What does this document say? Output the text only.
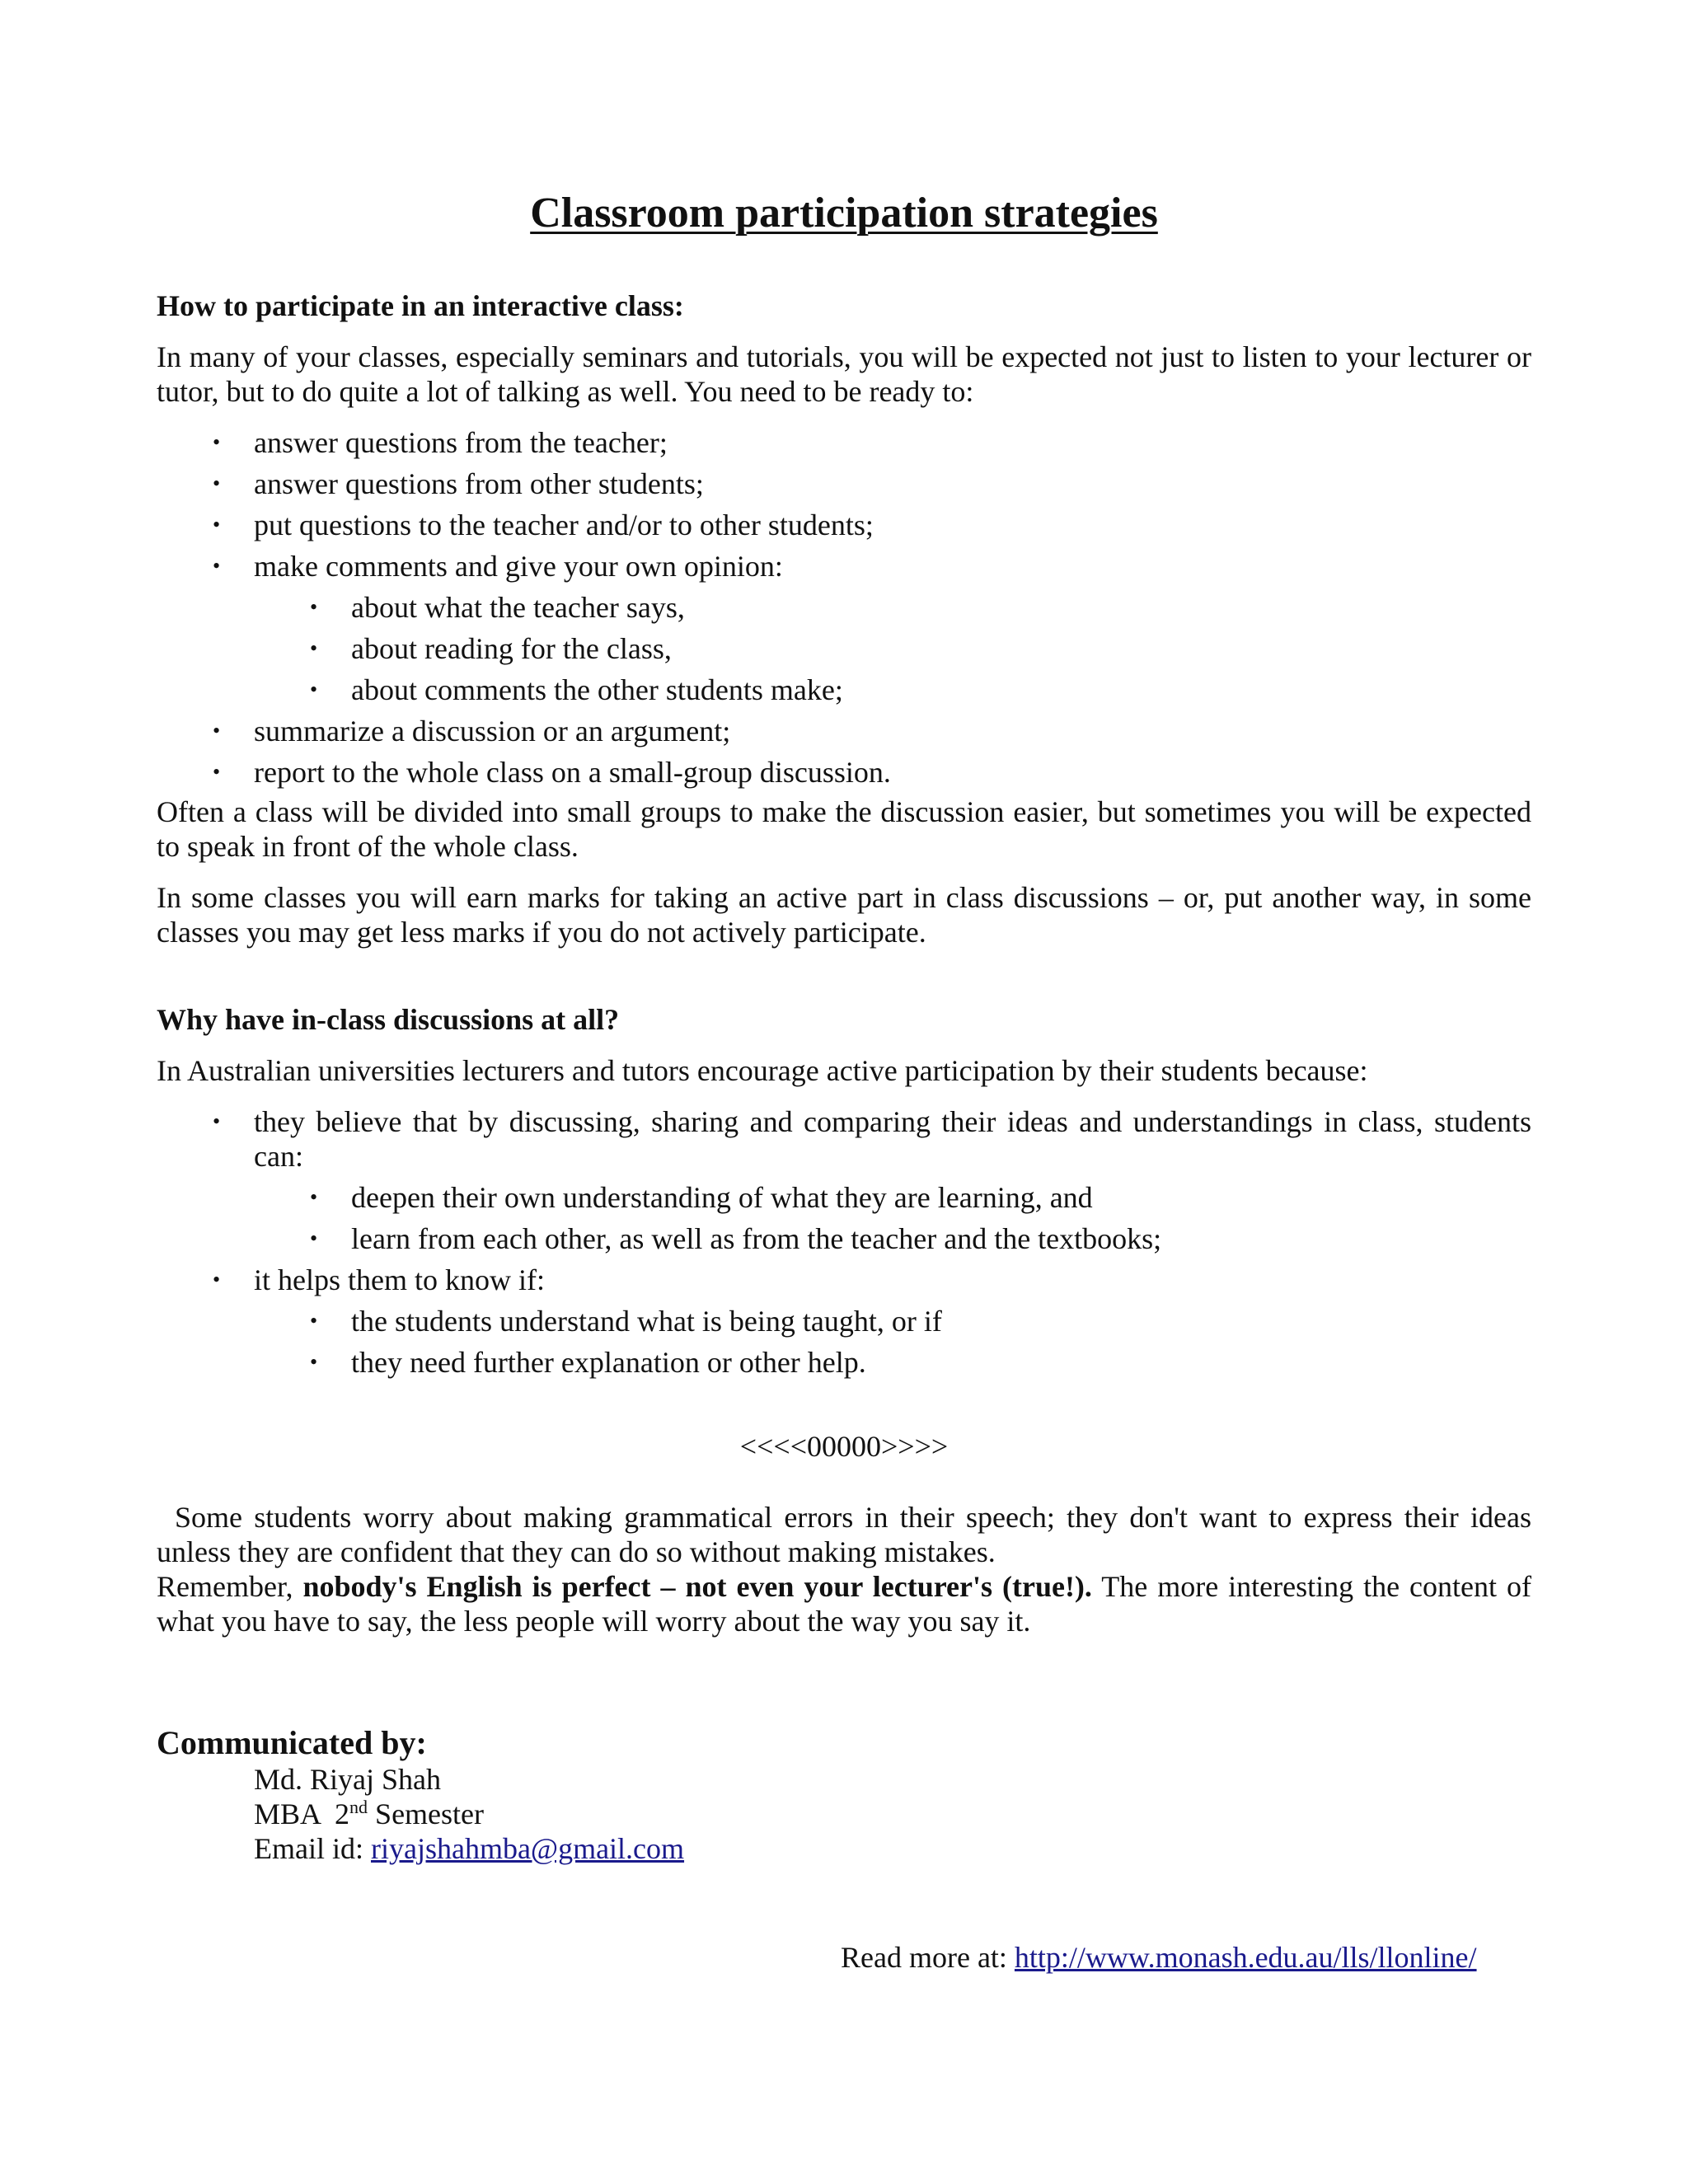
Classroom participation strategies

How to participate in an interactive class:

In many of your classes, especially seminars and tutorials, you will be expected not just to listen to your lecturer or tutor, but to do quite a lot of talking as well. You need to be ready to:

• answer questions from the teacher;
• answer questions from other students;
• put questions to the teacher and/or to other students;
• make comments and give your own opinion:
• about what the teacher says,
• about reading for the class,
• about comments the other students make;
• summarize a discussion or an argument;
• report to the whole class on a small-group discussion.

Often a class will be divided into small groups to make the discussion easier, but sometimes you will be expected to speak in front of the whole class.

In some classes you will earn marks for taking an active part in class discussions – or, put another way, in some classes you may get less marks if you do not actively participate.

Why have in-class discussions at all?

In Australian universities lecturers and tutors encourage active participation by their students because:

• they believe that by discussing, sharing and comparing their ideas and understandings in class, students can:
• deepen their own understanding of what they are learning, and
• learn from each other, as well as from the teacher and the textbooks;
• it helps them to know if:
• the students understand what is being taught, or if
• they need further explanation or other help.
<<<<00000>>>>

Some students worry about making grammatical errors in their speech; they don't want to express their ideas unless they are confident that they can do so without making mistakes.

Remember, nobody's English is perfect – not even your lecturer's (true!). The more interesting the content of what you have to say, the less people will worry about the way you say it.

Communicated by:

Md. Riyaj Shah
MBA  2nd Semester
Email id: riyajshahmba@gmail.com
Read more at: http://www.monash.edu.au/lls/llonline/
